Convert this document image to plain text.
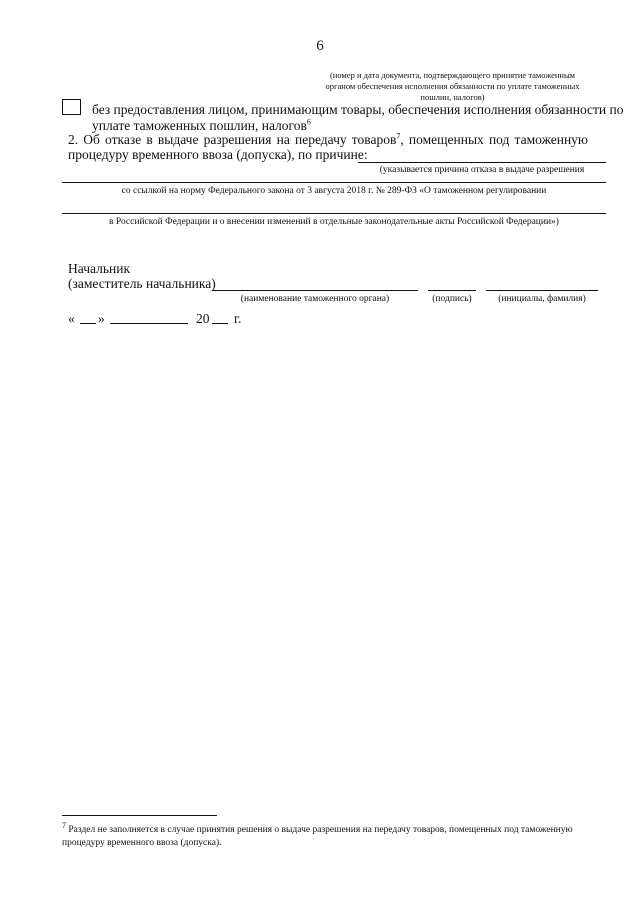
6
(номер и дата документа, подтверждающего принятие таможенным органом обеспечения исполнения обязанности по уплате таможенных пошлин, налогов)
без предоставления лицом, принимающим товары, обеспечения исполнения обязанности по
уплате таможенных пошлин, налогов$^6$
2. Об отказе в выдаче разрешения на передачу товаров$^7$, помещенных под таможенную
процедуру временного ввоза (допуска), по причине:
(указывается причина отказа в выдаче разрешения
со ссылкой на норму Федерального закона от 3 августа 2018 г. № 289-ФЗ «О таможенном регулировании
в Российской Федерации и о внесении изменений в отдельные законодательные акты Российской Федерации»)
Начальник
(заместитель начальника)
(наименование таможенного органа)	(подпись)	(инициалы, фамилия)
« »	20 г.
$^7$ Раздел не заполняется в случае принятия решения о выдаче разрешения на передачу товаров, помещенных под таможенную процедуру временного ввоза (допуска).
